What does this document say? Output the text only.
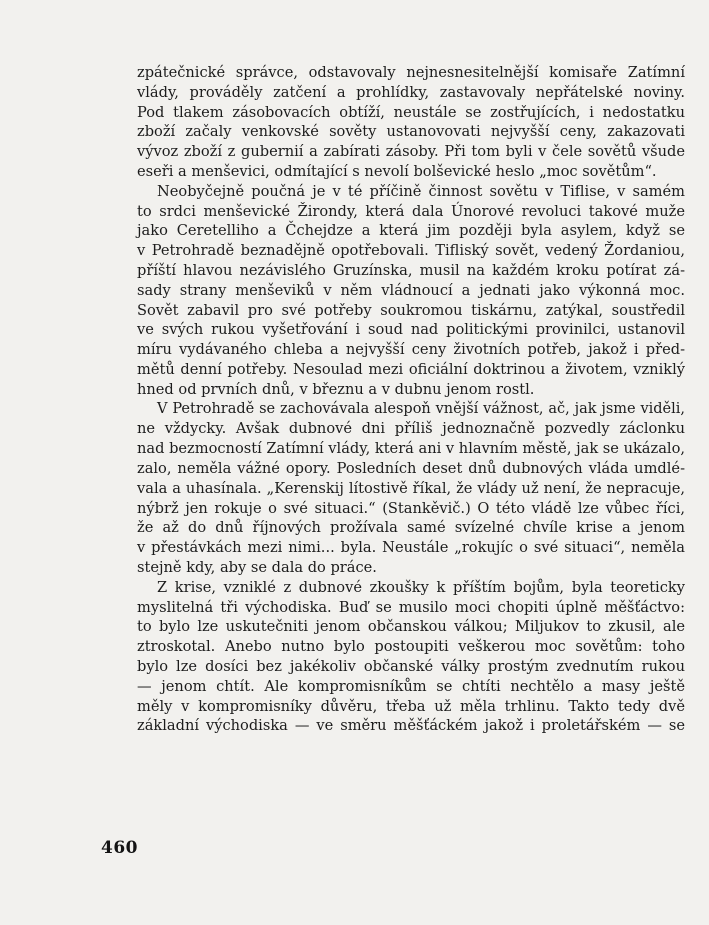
zpátečnické správce, odstavovaly nejnesnesitelnější komisaře Zatímní
vlády, prováděly zatčení a prohlídky, zastavovaly nepřátelské noviny.
Pod tlakem zásobovacích obtíží, neustále se zostřujících, i nedostatku
zboží začaly venkovské sověty ustanovovati nejvyšší ceny, zakazovati
vývoz zboží z gubernií a zabírati zásoby. Při tom byli v čele sovětů všude
eseři a menševici, odmítající s nevolí bolševické heslo „moc sovětům“.
Neobyčejně poučná je v té příčině činnost sovětu v Tiflise, v samém
to srdci menševické Žirondy, která dala Únorové revoluci takové muže
jako Ceretelliho a Čchejdze a která jim později byla asylem, když se
v Petrohradě beznadějně opotřebovali. Tifliský sovět, vedený Žordaniou,
příští hlavou nezávislého Gruzínska, musil na každém kroku potírat zá-
sady strany menševiků v něm vládnoucí a jednati jako výkonná moc.
Sovět zabavil pro své potřeby soukromou tiskárnu, zatýkal, soustředil
ve svých rukou vyšetřování i soud nad politickými provinilci, ustanovil
míru vydávaného chleba a nejvyšší ceny životních potřeb, jakož i před-
mětů denní potřeby. Nesoulad mezi oficiální doktrinou a životem, vzniklý
hned od prvních dnů, v březnu a v dubnu jenom rostl.
V Petrohradě se zachovávala alespoň vnější vážnost, ač, jak jsme viděli,
ne vždycky. Avšak dubnové dni příliš jednoznačně pozvedly záclonku
nad bezmocností Zatímní vlády, která ani v hlavním městě, jak se ukázalo,
zalo, neměla vážné opory. Posledních deset dnů dubnových vláda umdlé-
vala a uhasínala. „Kerenskij lítostivě říkal, že vlády už není, že nepracuje,
nýbrž jen rokuje o své situaci.“ (Stankěvič.) O této vládě lze vůbec říci,
že až do dnů říjnových prožívala samé svízelné chvíle krise a jenom
v přestávkách mezi nimi... byla. Neustále „rokujíc o své situaci“, neměla
stejně kdy, aby se dala do práce.
Z krise, vzniklé z dubnové zkoušky k příštím bojům, byla teoreticky
myslitelná tři východiska. Buď se musilo moci chopiti úplně měšťáctvo:
to bylo lze uskutečniti jenom občanskou válkou; Miljukov to zkusil, ale
ztroskotal. Anebo nutno bylo postoupiti veškerou moc sovětům: toho
bylo lze dosíci bez jakékoliv občanské války prostým zvednutím rukou
— jenom chtít. Ale kompromisníkům se chtíti nechtělo a masy ještě
měly v kompromisníky důvěru, třeba už měla trhlinu. Takto tedy dvě
základní východiska — ve směru měšťáckém jakož i proletářském — se
460
